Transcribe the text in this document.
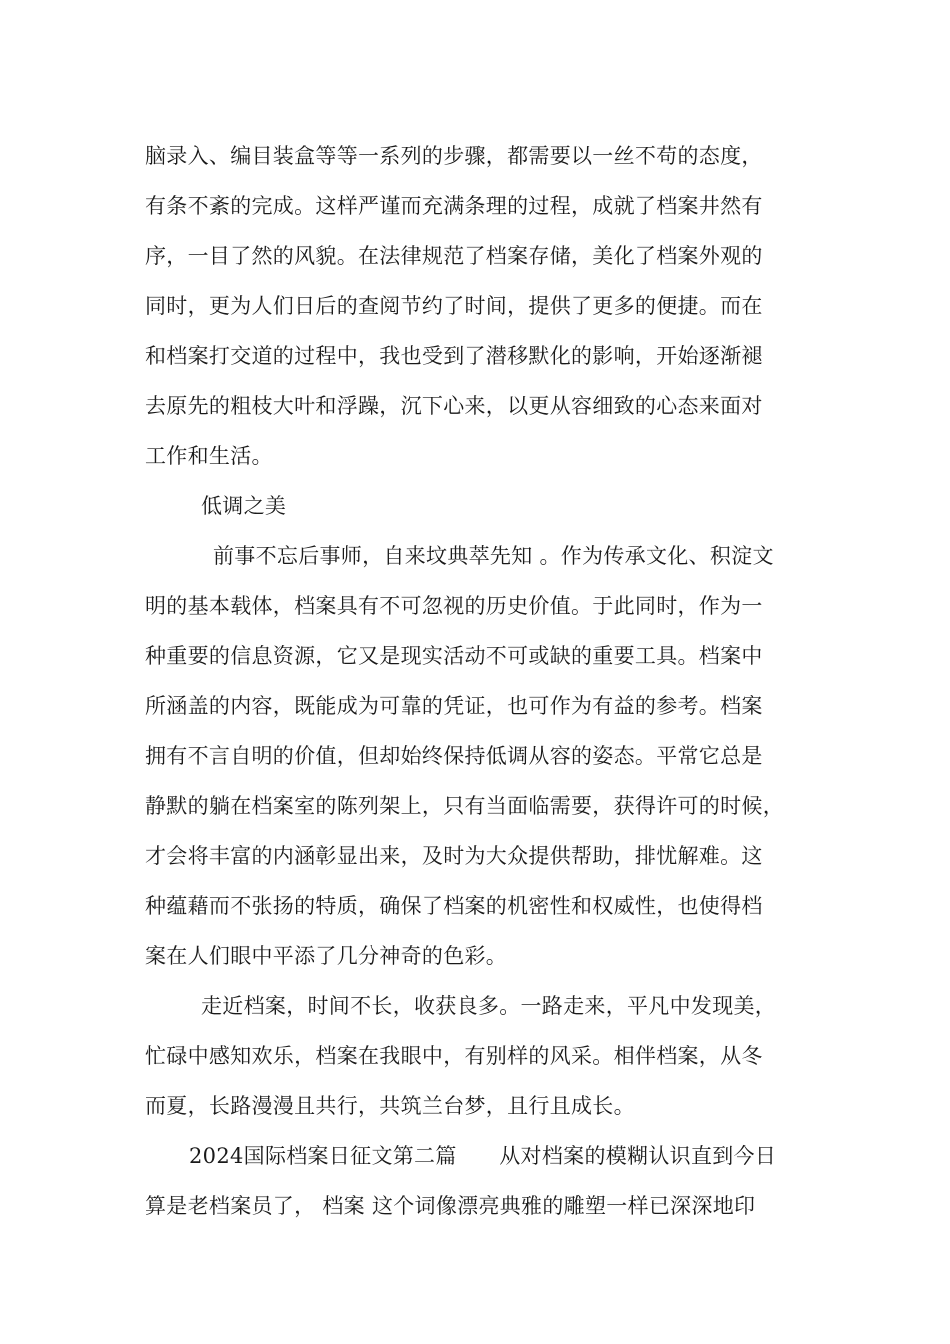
脑录入、编目装盒等等一系列的步骤，都需要以一丝不苟的态度，
有条不紊的完成。这样严谨而充满条理的过程，成就了档案井然有
序，一目了然的风貌。在法律规范了档案存储，美化了档案外观的
同时，更为人们日后的查阅节约了时间，提供了更多的便捷。而在
和档案打交道的过程中，我也受到了潜移默化的影响，开始逐渐褪
去原先的粗枝大叶和浮躁，沉下心来，以更从容细致的心态来面对
工作和生活。
低调之美
前事不忘后事师，自来坟典萃先知 。作为传承文化、积淀文
明的基本载体，档案具有不可忽视的历史价值。于此同时，作为一
种重要的信息资源，它又是现实活动不可或缺的重要工具。档案中
所涵盖的内容，既能成为可靠的凭证，也可作为有益的参考。档案
拥有不言自明的价值，但却始终保持低调从容的姿态。平常它总是
静默的躺在档案室的陈列架上，只有当面临需要，获得许可的时候，
才会将丰富的内涵彰显出来，及时为大众提供帮助，排忧解难。这
种蕴藉而不张扬的特质，确保了档案的机密性和权威性，也使得档
案在人们眼中平添了几分神奇的色彩。
走近档案，时间不长，收获良多。一路走来，平凡中发现美，
忙碌中感知欢乐，档案在我眼中，有别样的风采。相伴档案，从冬
而夏，长路漫漫且共行，共筑兰台梦，且行且成长。
2024国际档案日征文第二篇　　从对档案的模糊认识直到今日
算是老档案员了， 档案 这个词像漂亮典雅的雕塑一样已深深地印
